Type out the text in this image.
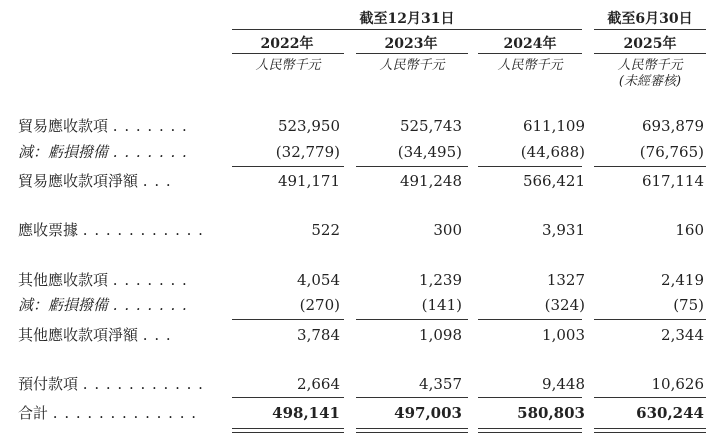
截至12月31日	截至6月30日
2022年	2023年	2024年	2025年
人民幣千元	人民幣千元	人民幣千元	人民幣千元
(未經審核)
貿易應收款項 . . . . . . .	523,950	525,743	611,109	693,879
減：虧損撥備 . . . . . . .	(32,779)	(34,495)	(44,688)	(76,765)
貿易應收款項淨額 . . .	491,171	491,248	566,421	617,114
應收票據 . . . . . . . . . . .	522	300	3,931	160
其他應收款項 . . . . . . .	4,054	1,239	1327	2,419
減：虧損撥備 . . . . . . .	(270)	(141)	(324)	(75)
其他應收款項淨額 . . .	3,784	1,098	1,003	2,344
預付款項 . . . . . . . . . . .	2,664	4,357	9,448	10,626
合計 . . . . . . . . . . . . .	498,141	497,003	580,803	630,244
